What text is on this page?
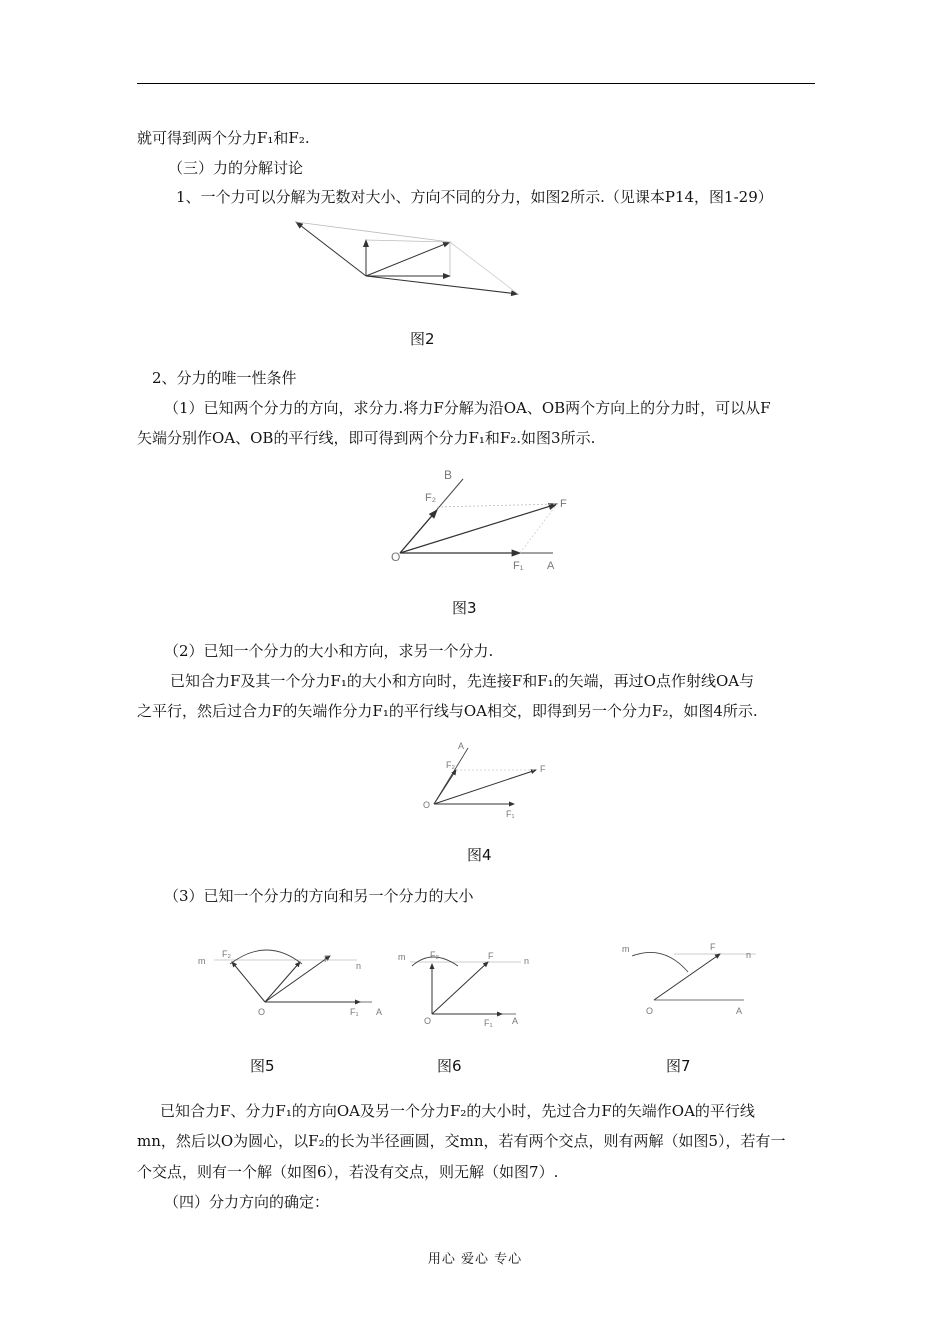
就可得到两个分力F₁和F₂.
（三）力的分解讨论
1、一个力可以分解为无数对大小、方向不同的分力，如图2所示.（见课本P14，图1-29）
图2
2、分力的唯一性条件
（1）已知两个分力的方向，求分力.将力F分解为沿OA、OB两个方向上的分力时，可以从F
矢端分别作OA、OB的平行线，即可得到两个分力F₁和F₂.如图3所示.
B
F₂	F
O
F₁ A
图3
（2）已知一个分力的大小和方向，求另一个分力.
已知合力F及其一个分力F₁的大小和方向时，先连接F和F₁的矢端，再过O点作射线OA与
之平行，然后过合力F的矢端作分力F₁的平行线与OA相交，即得到另一个分力F₂，如图4所示.
A
F₂	F
O
F₁
图4
（3）已知一个分力的方向和另一个分力的大小
m
F₂	F
n
O	F₁ A
m	F₂	F	n
O	F₁ A
m	F
n
O	A
图5	图6	图7
已知合力F、分力F₁的方向OA及另一个分力F₂的大小时，先过合力F的矢端作OA的平行线
mn，然后以O为圆心，以F₂的长为半径画圆，交mn，若有两个交点，则有两解（如图5），若有一
个交点，则有一个解（如图6），若没有交点，则无解（如图7）.
（四）分力方向的确定：
用心 爱心 专心
